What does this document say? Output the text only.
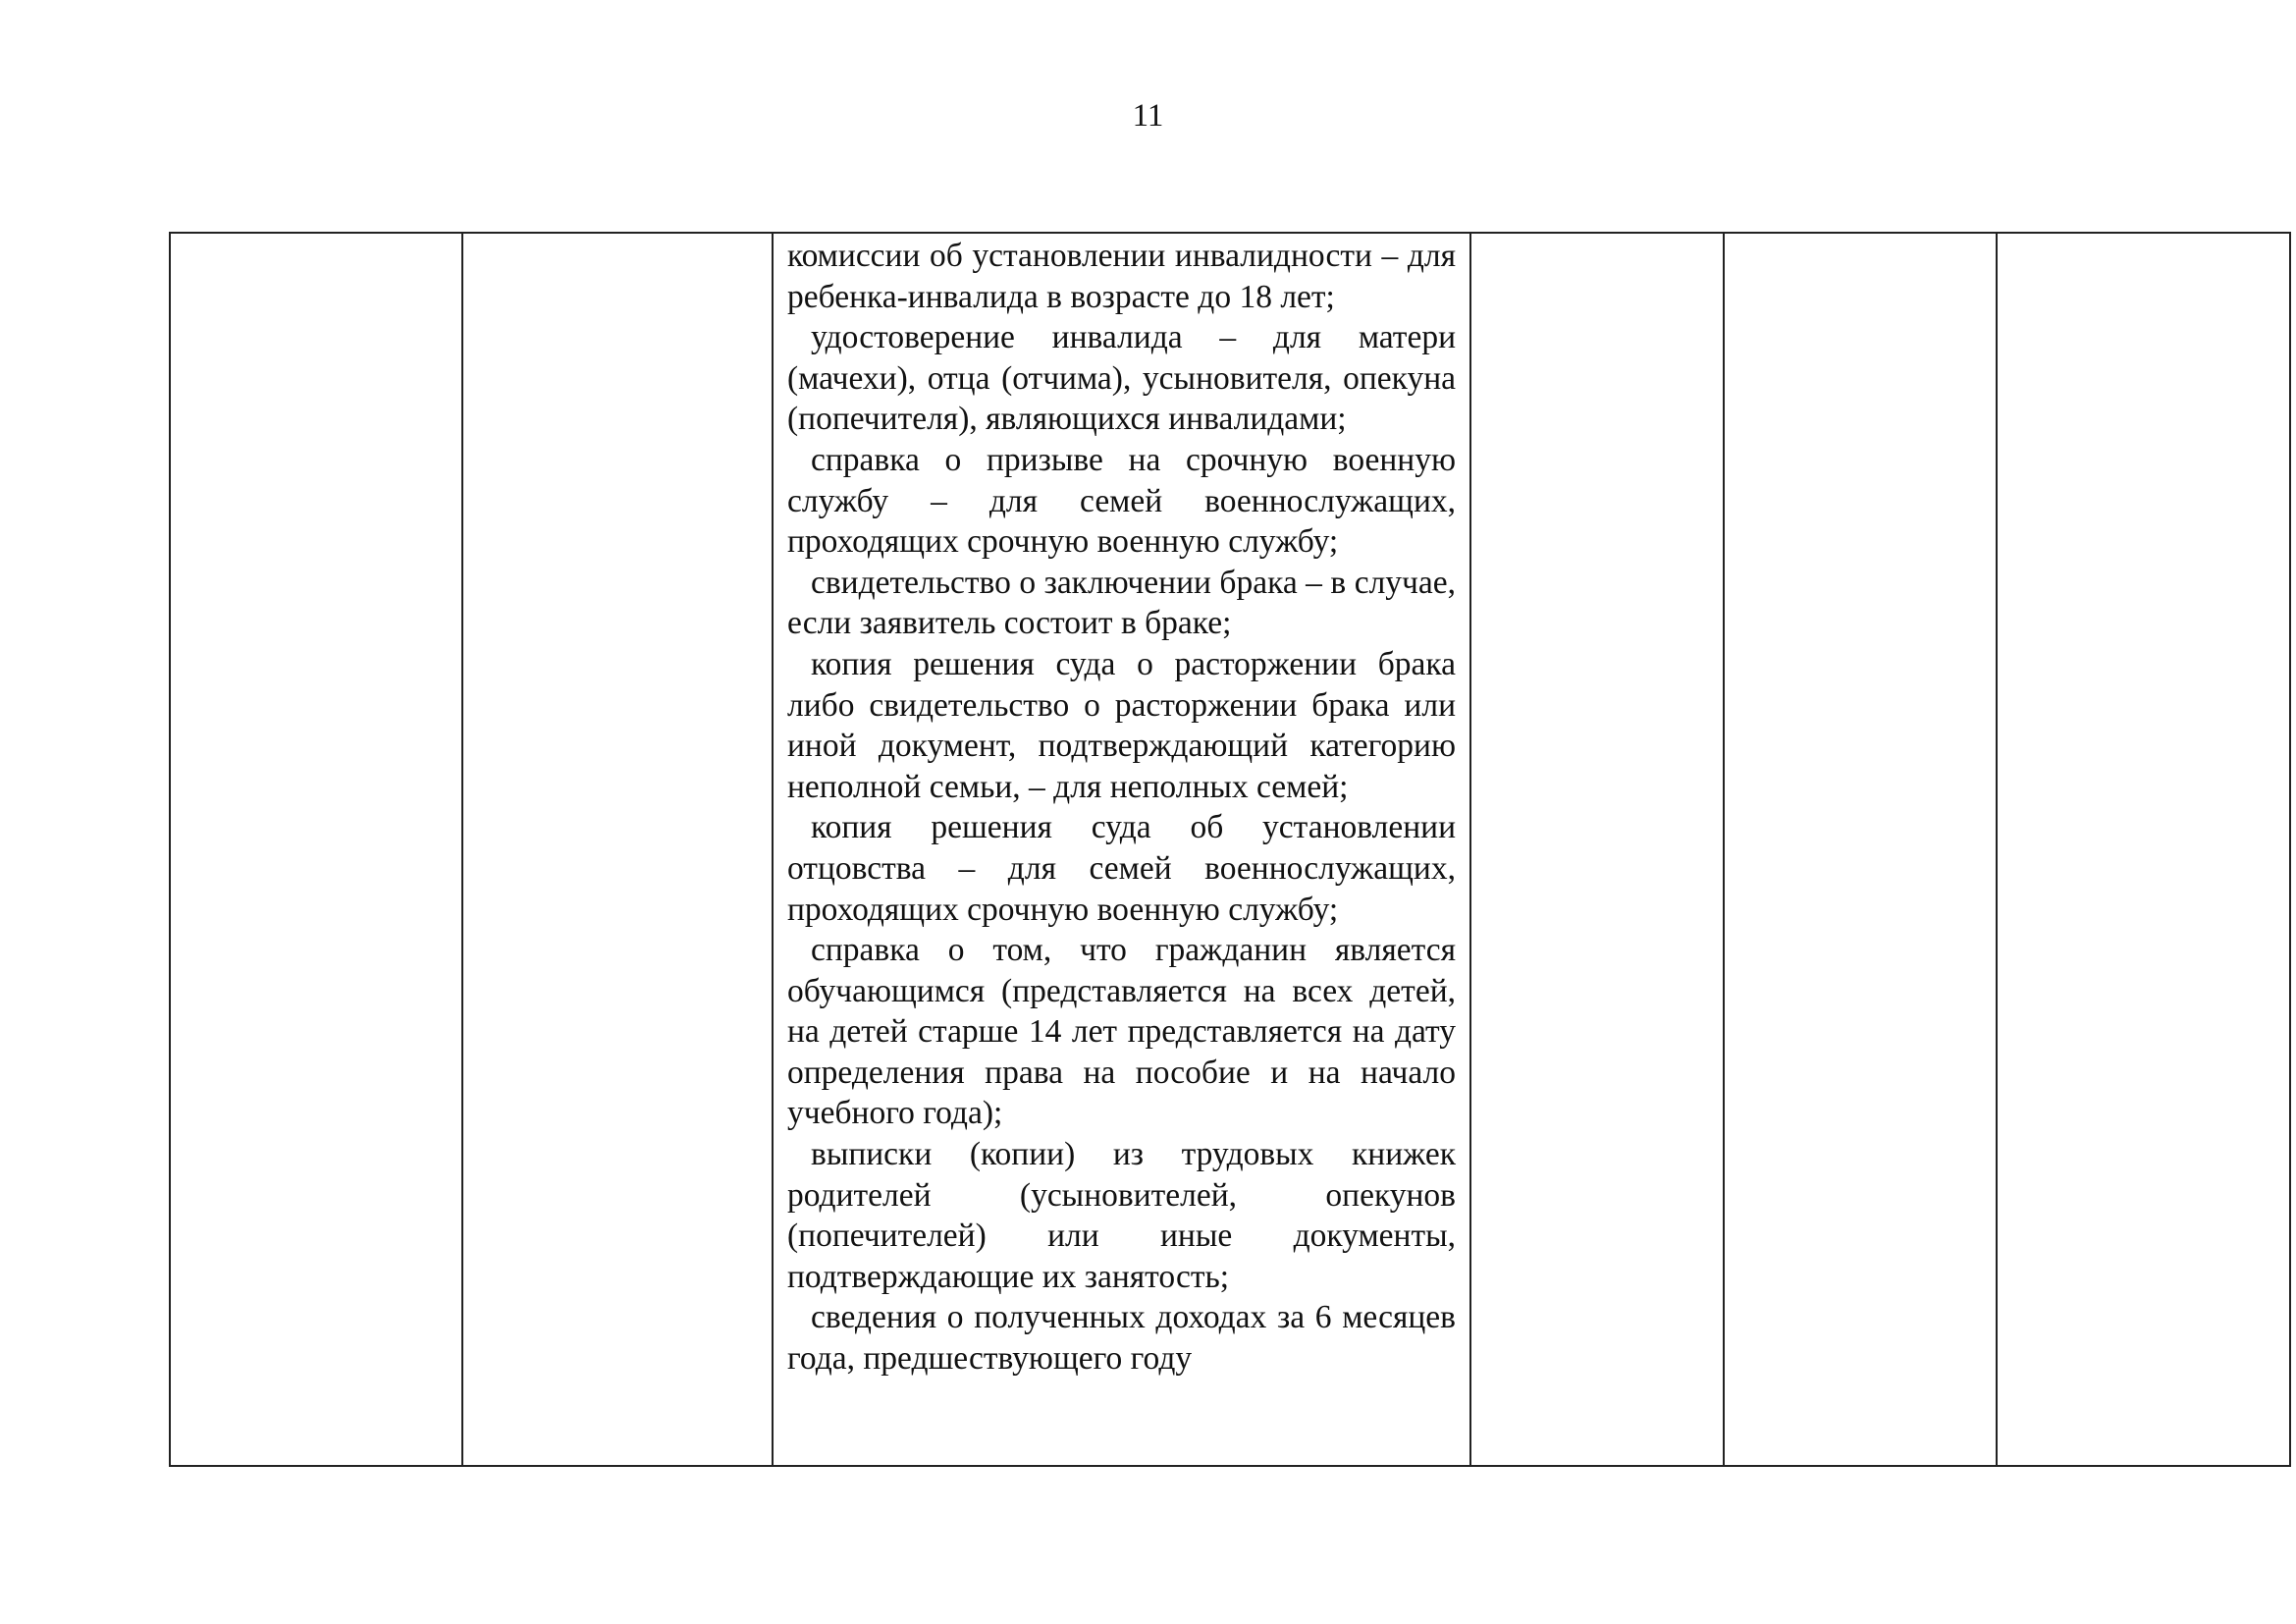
11

комиссии об установлении инвалидности – для ребенка-инвалида в возрасте до 18 лет;

удостоверение инвалида – для матери (мачехи), отца (отчима), усыновителя, опекуна (попечителя), являющихся инвалидами;

справка о призыве на срочную военную службу – для семей военнослужащих, проходящих срочную военную службу;

свидетельство о заключении брака – в случае, если заявитель состоит в браке;

копия решения суда о расторжении брака либо свидетельство о расторжении брака или иной документ, подтверждающий категорию неполной семьи, – для неполных семей;

копия решения суда об установлении отцовства – для семей военнослужащих, проходящих срочную военную службу;

справка о том, что гражданин является обучающимся (представляется на всех детей, на детей старше 14 лет представляется на дату определения права на пособие и на начало учебного года);

выписки (копии) из трудовых книжек родителей (усыновителей, опекунов (попечителей) или иные документы, подтверждающие их занятость;

сведения о полученных доходах за 6 месяцев года, предшествующего году
